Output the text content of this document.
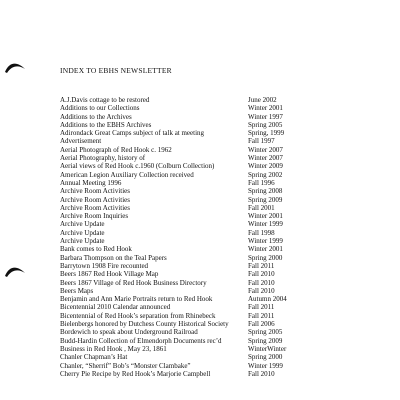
INDEX TO EBHS NEWSLETTER
A.J.Davis cottage to be restored	June 2002
Additions to our Collections	Winter 2001
Additions to the Archives	Winter 1997
Additions to the EBHS Archives	Spring 2005
Adirondack Great Camps subject of talk at meeting	Spring, 1999
Advertisement	Fall 1997
Aerial Photograph of Red Hook c. 1962	Winter 2007
Aerial Photography, history of	Winter 2007
Aerial views of Red Hook c.1960 (Colburn Collection)	Winter 2009
American Legion Auxiliary Collection received	Spring 2002
Annual Meeting 1996	Fall 1996
Archive Room Activities	Spring 2008
Archive Room Activities	Spring 2009
Archive Room Activities	Fall 2001
Archive Room Inquiries	Winter 2001
Archive Update	Winter 1999
Archive Update	Fall 1998
Archive Update	Winter 1999
Bank comes to Red Hook	Winter 2001
Barbara Thompson on the Teal Papers	Spring 2000
Barrytown 1908 Fire recounted	Fall 2011
Beers 1867 Red Hook Village Map	Fall 2010
Beers 1867 Village of Red Hook Business Directory	Fall 2010
Beers Maps	Fall 2010
Benjamin and Ann Marie Portraits return to Red Hook	Autumn 2004
Bicentennial 2010 Calendar announced	Fall 2011
Bicentennial of Red Hook’s separation from Rhinebeck	Fall 2011
Bielenbergs honored by Dutchess County Historical Society	Fall 2006
Bordewich to speak about Underground Railroad	Spring 2005
Budd-Hardin Collection of Elmendorph Documents rec’d	Spring 2009
Business in Red Hook , May 23, 1861	WinterWinter
Chanler Chapman’s Hat	Spring 2000
Chanler, “Sherrif” Bob’s “Monster Clambake”	Winter 1999
Cherry Pie Recipe by Red Hook’s Marjorie Campbell	Fall 2010
